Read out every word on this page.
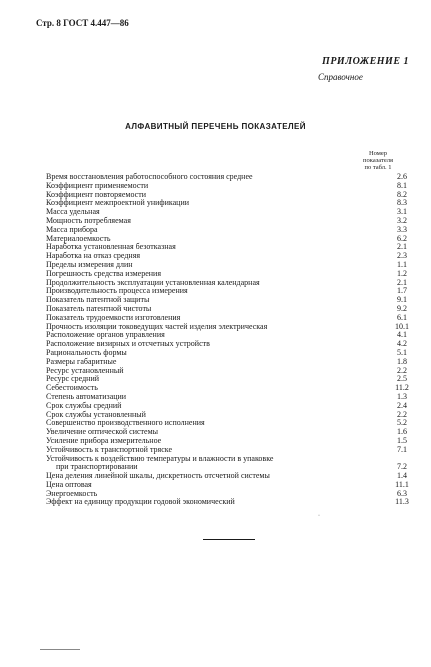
Стр. 8 ГОСТ 4.447—86
ПРИЛОЖЕНИЕ 1
Справочное
АЛФАВИТНЫЙ ПЕРЕЧЕНЬ ПОКАЗАТЕЛЕЙ
Номер
показателя
по табл. 1
Время восстановления работоспособного состояния среднее	2.6
Коэффициент применяемости	8.1
Коэффициент повторяемости	8.2
Коэффициент межпроектной унификации	8.3
Масса удельная	3.1
Мощность потребляемая	3.2
Масса прибора	3.3
Материалоемкость	6.2
Наработка установленная безотказная	2.1
Наработка на отказ средняя	2.3
Пределы измерения длин	1.1
Погрешность средства измерения	1.2
Продолжительность эксплуатации установленная календарная	2.1
Производительность процесса измерения	1.7
Показатель патентной защиты	9.1
Показатель патентной чистоты	9.2
Показатель трудоемкости изготовления	6.1
Прочность изоляции токоведущих частей изделия электрическая	10.1
Расположение органов управления	4.1
Расположение визирных и отсчетных устройств	4.2
Рациональность формы	5.1
Размеры габаритные	1.8
Ресурс установленный	2.2
Ресурс средний	2.5
Себестоимость	11.2
Степень автоматизации	1.3
Срок службы средний	2.4
Срок службы установленный	2.2
Совершенство производственного исполнения	5.2
Увеличение оптической системы	1.6
Усиление прибора измерительное	1.5
Устойчивость к транспортной тряске	7.1
Устойчивость к воздействию температуры и влажности в упаковке
при транспортировании	7.2
Цена деления линейной шкалы, дискретность отсчетной системы	1.4
Цена оптовая	11.1
Энергоемкость	6.3
Эффект на единицу продукции годовой экономический	11.3
·
